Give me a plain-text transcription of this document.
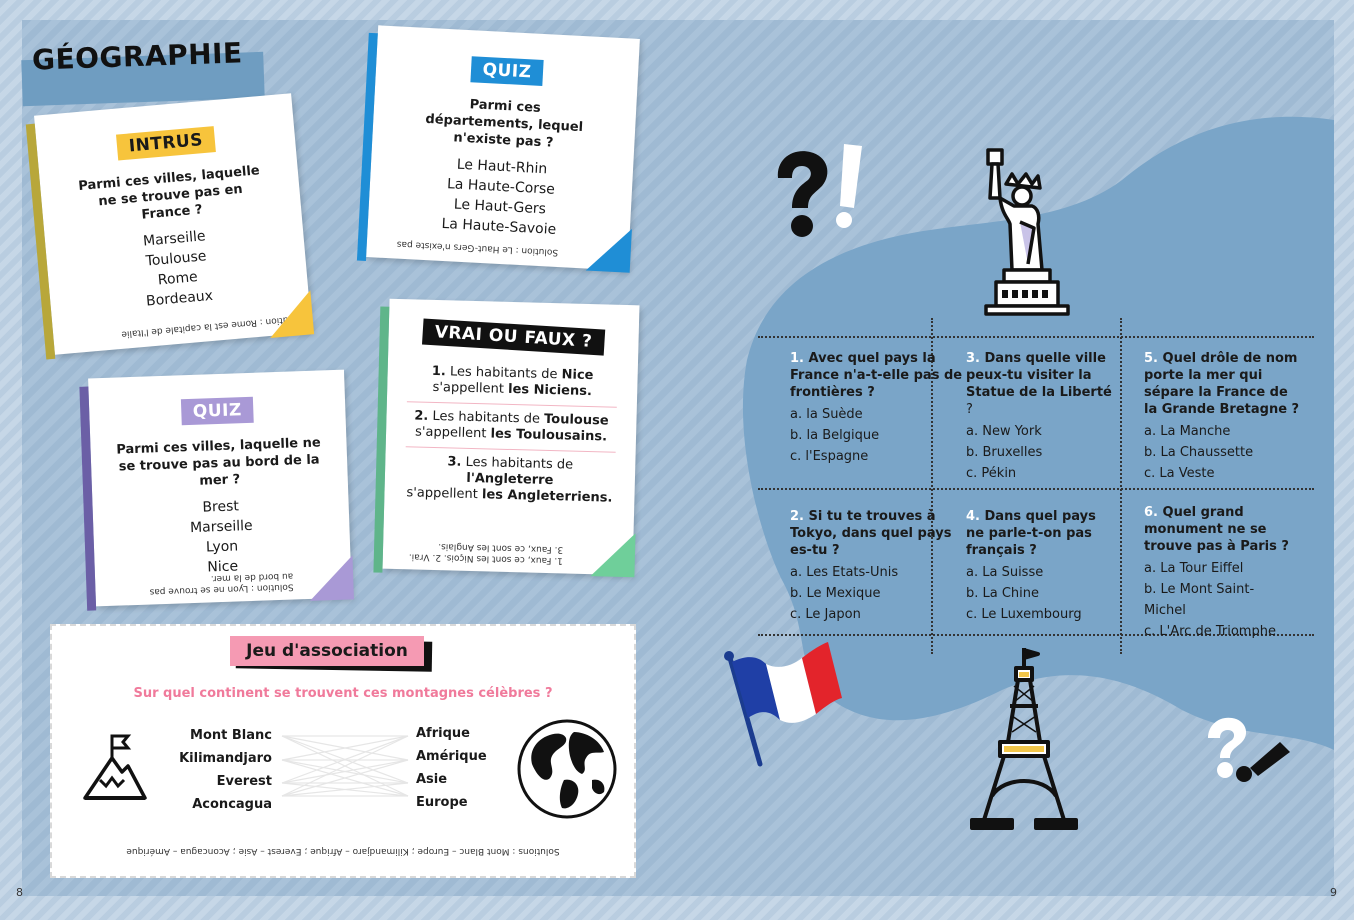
GÉOGRAPHIE
INTRUS
Parmi ces villes, laquelle ne se trouve pas en France ?
Marseille
Toulouse
Rome
Bordeaux
Solution : Rome est la capitale de l'Italie
QUIZ
Parmi ces départements, lequel n'existe pas ?
Le Haut-Rhin
La Haute-Corse
Le Haut-Gers
La Haute-Savoie
Solution : Le Haut-Gers n'existe pas
QUIZ
Parmi ces villes, laquelle ne se trouve pas au bord de la mer ?
Brest
Marseille
Lyon
Nice
Solution : Lyon ne se trouve pas
au bord de la mer.
VRAI OU FAUX ?
1. Les habitants de Nice
s'appellent les Niciens.
2. Les habitants de Toulouse
s'appellent les Toulousains.
3. Les habitants de l'Angleterre
s'appellent les Angleterriens.
1. Faux, ce sont les Niçois. 2. Vrai.
3. Faux, ce sont les Anglais.
Jeu d'association
Sur quel continent se trouvent ces montagnes célèbres ?
Mont Blanc
Kilimandjaro
Everest
Aconcagua
Afrique
Amérique
Asie
Europe
Solutions : Mont Blanc – Europe ; Kilimandjaro – Afrique ; Everest – Asie ; Aconcagua – Amérique
1. Avec quel pays la France n'a-t-elle pas de frontières ?
a. la Suède
b. la Belgique
c. l'Espagne
2. Si tu te trouves à Tokyo, dans quel pays es-tu ?
a. Les Etats-Unis
b. Le Mexique
c. Le Japon
3. Dans quelle ville peux-tu visiter la Statue de la Liberté ?
a. New York
b. Bruxelles
c. Pékin
4. Dans quel pays ne parle-t-on pas français ?
a. La Suisse
b. La Chine
c. Le Luxembourg
5. Quel drôle de nom porte la mer qui sépare la France de la Grande Bretagne ?
a. La Manche
b. La Chaussette
c. La Veste
6. Quel grand monument ne se trouve pas à Paris ?
a. La Tour Eiffel
b. Le Mont Saint-Michel
c. L'Arc de Triomphe
8	9
